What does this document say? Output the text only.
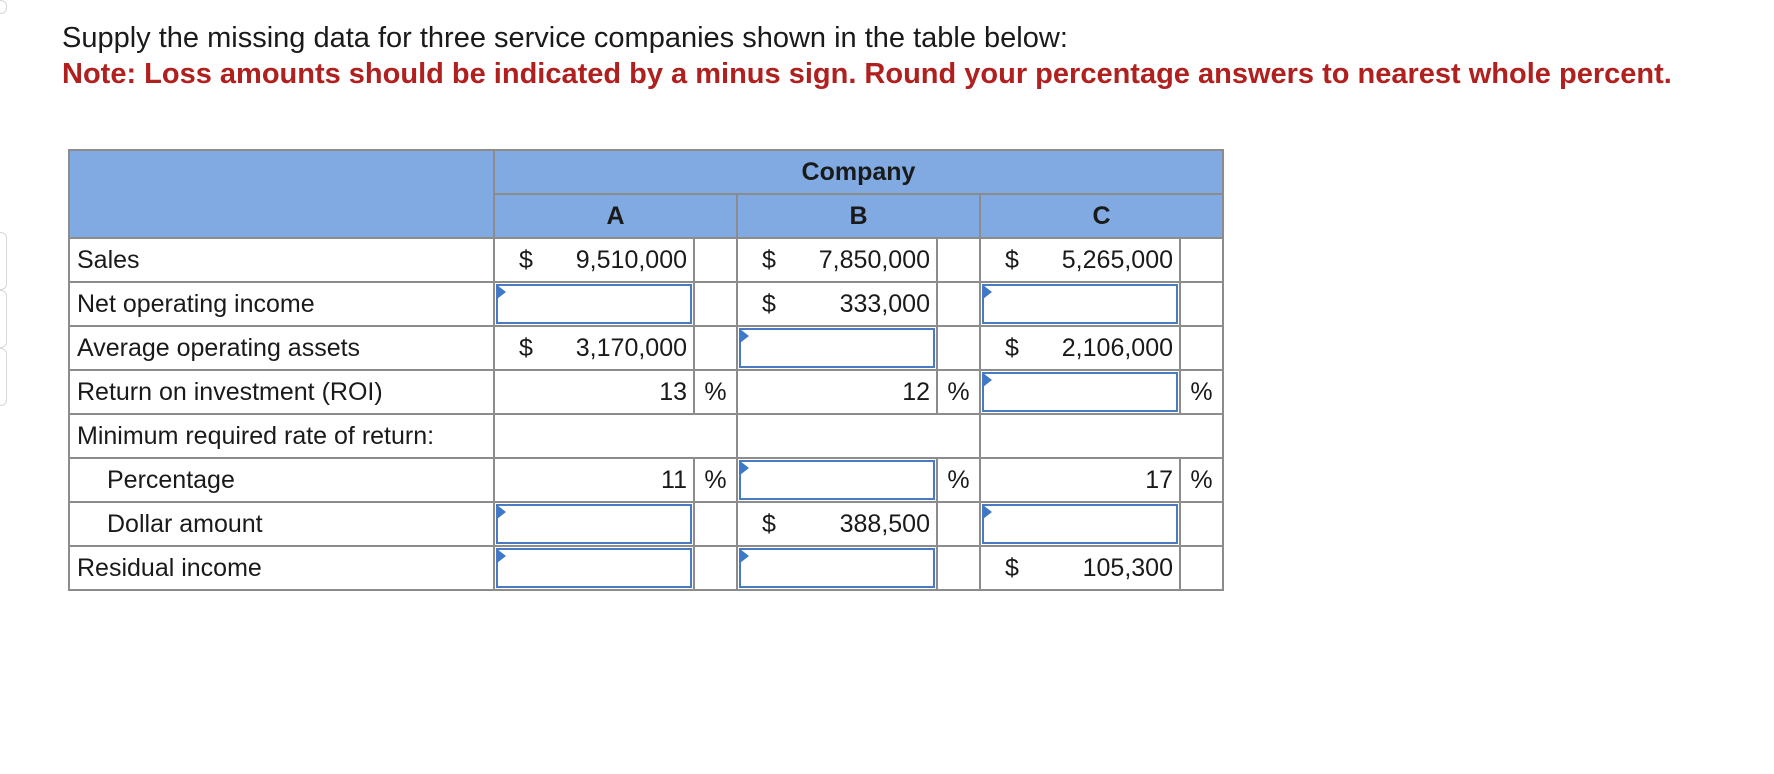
Supply the missing data for three service companies shown in the table below:
Note: Loss amounts should be indicated by a minus sign. Round your percentage answers to nearest whole percent.
	Company					
	A		B		C	
Sales	$ 9,510,000		$ 7,850,000		$ 5,265,000	

Net operating income			$ 333,000			

Average operating assets	$ 3,170,000				$ 2,106,000	

Return on investment (ROI)	13	%	12	%		%
Minimum required rate of return:						
Percentage	11	%		%	17	%
Dollar amount			$ 388,500			

Residual income					$ 105,300	
